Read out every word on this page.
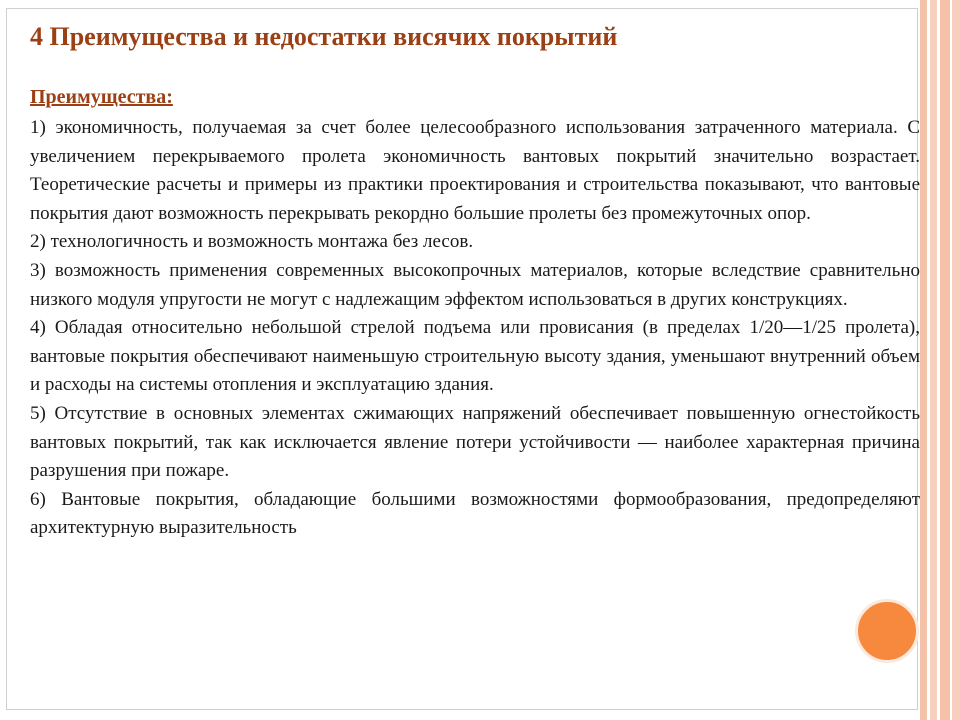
4 Преимущества и недостатки висячих покрытий
Преимущества:

1) экономичность, получаемая за счет более целесообразного использования затраченного материала. С увеличением перекрываемого пролета экономичность вантовых покрытий значительно возрастает. Теоретические расчеты и примеры из практики проектирования и строительства показывают, что вантовые покрытия дают возможность перекрывать рекордно большие пролеты без промежуточных опор.

2) технологичность и возможность монтажа без лесов.

3) возможность применения современных высокопрочных материалов, которые вследствие сравнительно низкого модуля упругости не могут с надлежащим эффектом использоваться в других конструкциях.

4) Обладая относительно небольшой стрелой подъема или провисания (в пределах 1/20—1/25 пролета), вантовые покрытия обеспечивают наименьшую строительную высоту здания, уменьшают внутренний объем и расходы на системы отопления и эксплуатацию здания.

5) Отсутствие в основных элементах сжимающих напряжений обеспечивает повышенную огнестойкость вантовых покрытий, так как исключается явление потери устойчивости — наиболее характерная причина разрушения при пожаре.

6) Вантовые покрытия, обладающие большими возможностями формообразования, предопределяют архитектурную выразительность
